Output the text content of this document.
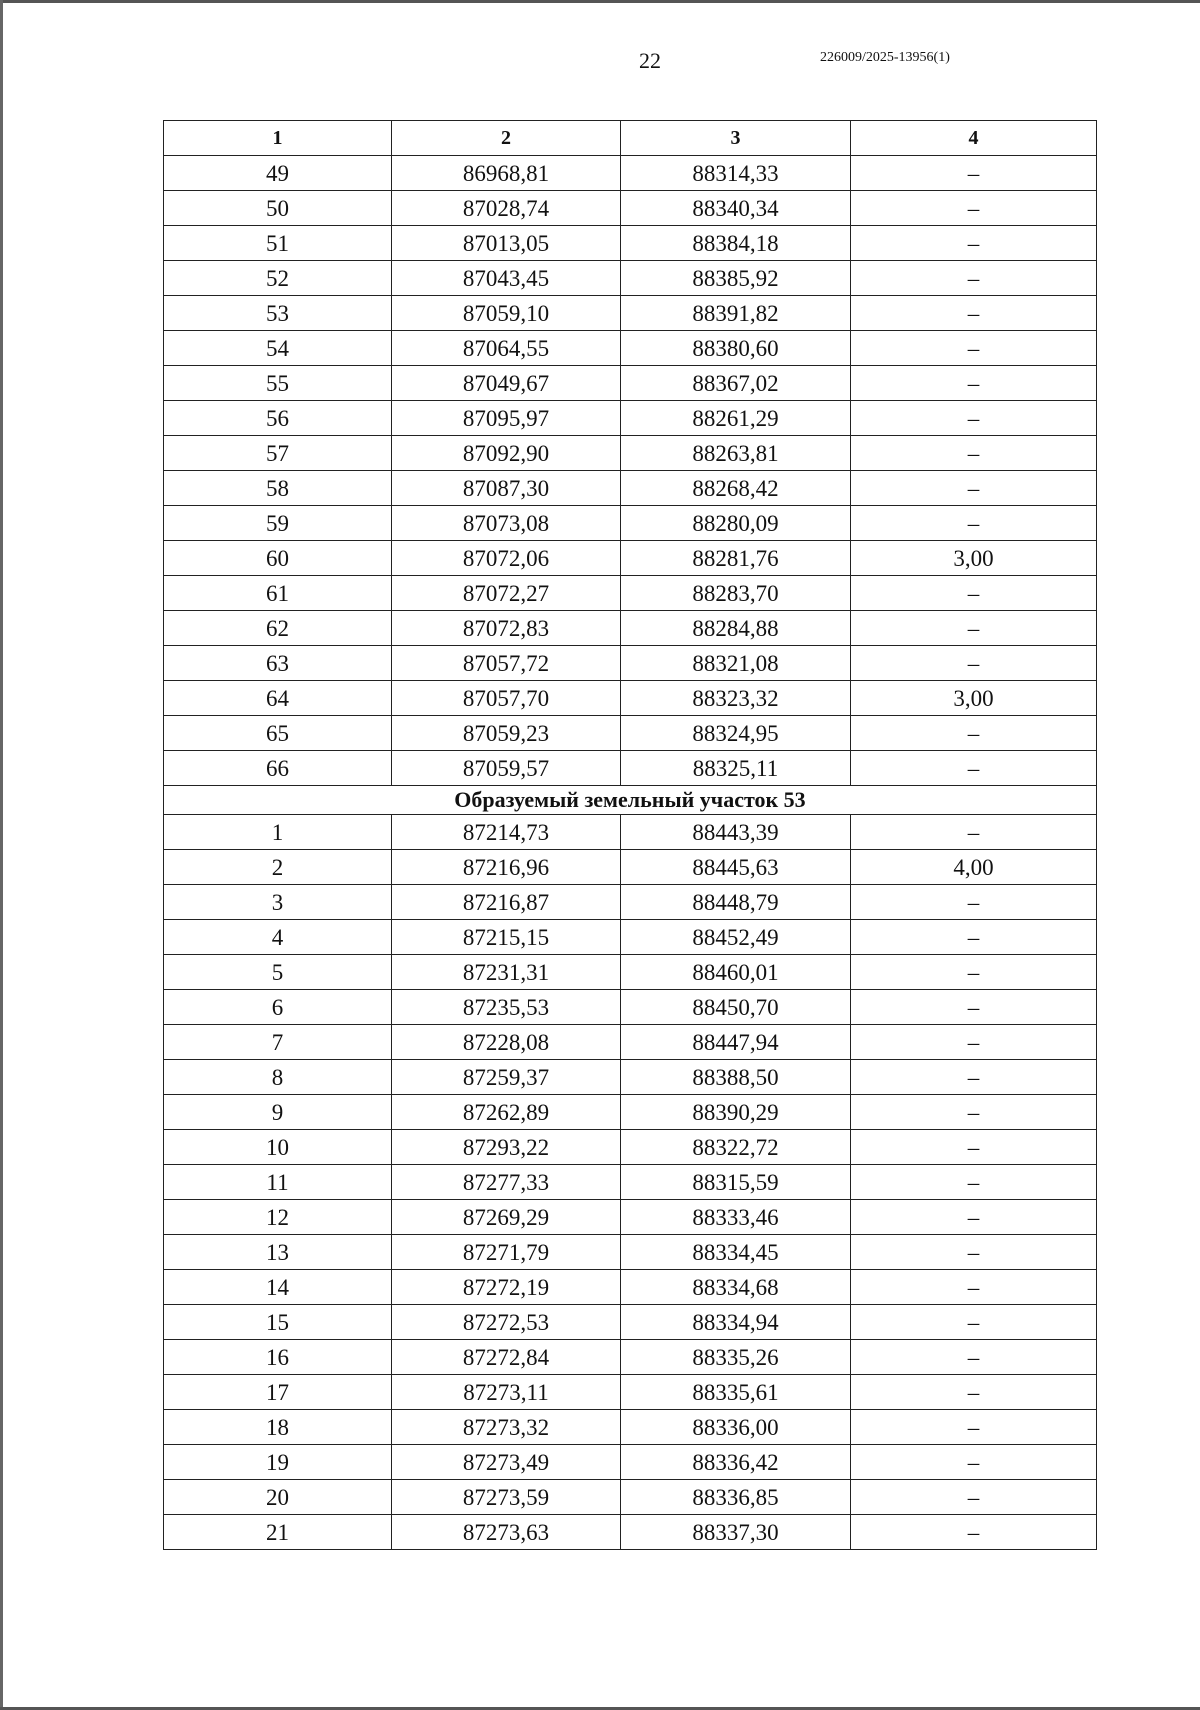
22	226009/2025-13956(1)
1	2	3	4
49	86968,81	88314,33	–
50	87028,74	88340,34	–
51	87013,05	88384,18	–
52	87043,45	88385,92	–
53	87059,10	88391,82	–
54	87064,55	88380,60	–
55	87049,67	88367,02	–
56	87095,97	88261,29	–
57	87092,90	88263,81	–
58	87087,30	88268,42	–
59	87073,08	88280,09	–
60	87072,06	88281,76	3,00
61	87072,27	88283,70	–
62	87072,83	88284,88	–
63	87057,72	88321,08	–
64	87057,70	88323,32	3,00
65	87059,23	88324,95	–
66	87059,57	88325,11	–
Образуемый земельный участок 53			
1	87214,73	88443,39	–
2	87216,96	88445,63	4,00
3	87216,87	88448,79	–
4	87215,15	88452,49	–
5	87231,31	88460,01	–
6	87235,53	88450,70	–
7	87228,08	88447,94	–
8	87259,37	88388,50	–
9	87262,89	88390,29	–
10	87293,22	88322,72	–
11	87277,33	88315,59	–
12	87269,29	88333,46	–
13	87271,79	88334,45	–
14	87272,19	88334,68	–
15	87272,53	88334,94	–
16	87272,84	88335,26	–
17	87273,11	88335,61	–
18	87273,32	88336,00	–
19	87273,49	88336,42	–
20	87273,59	88336,85	–
21	87273,63	88337,30	–
